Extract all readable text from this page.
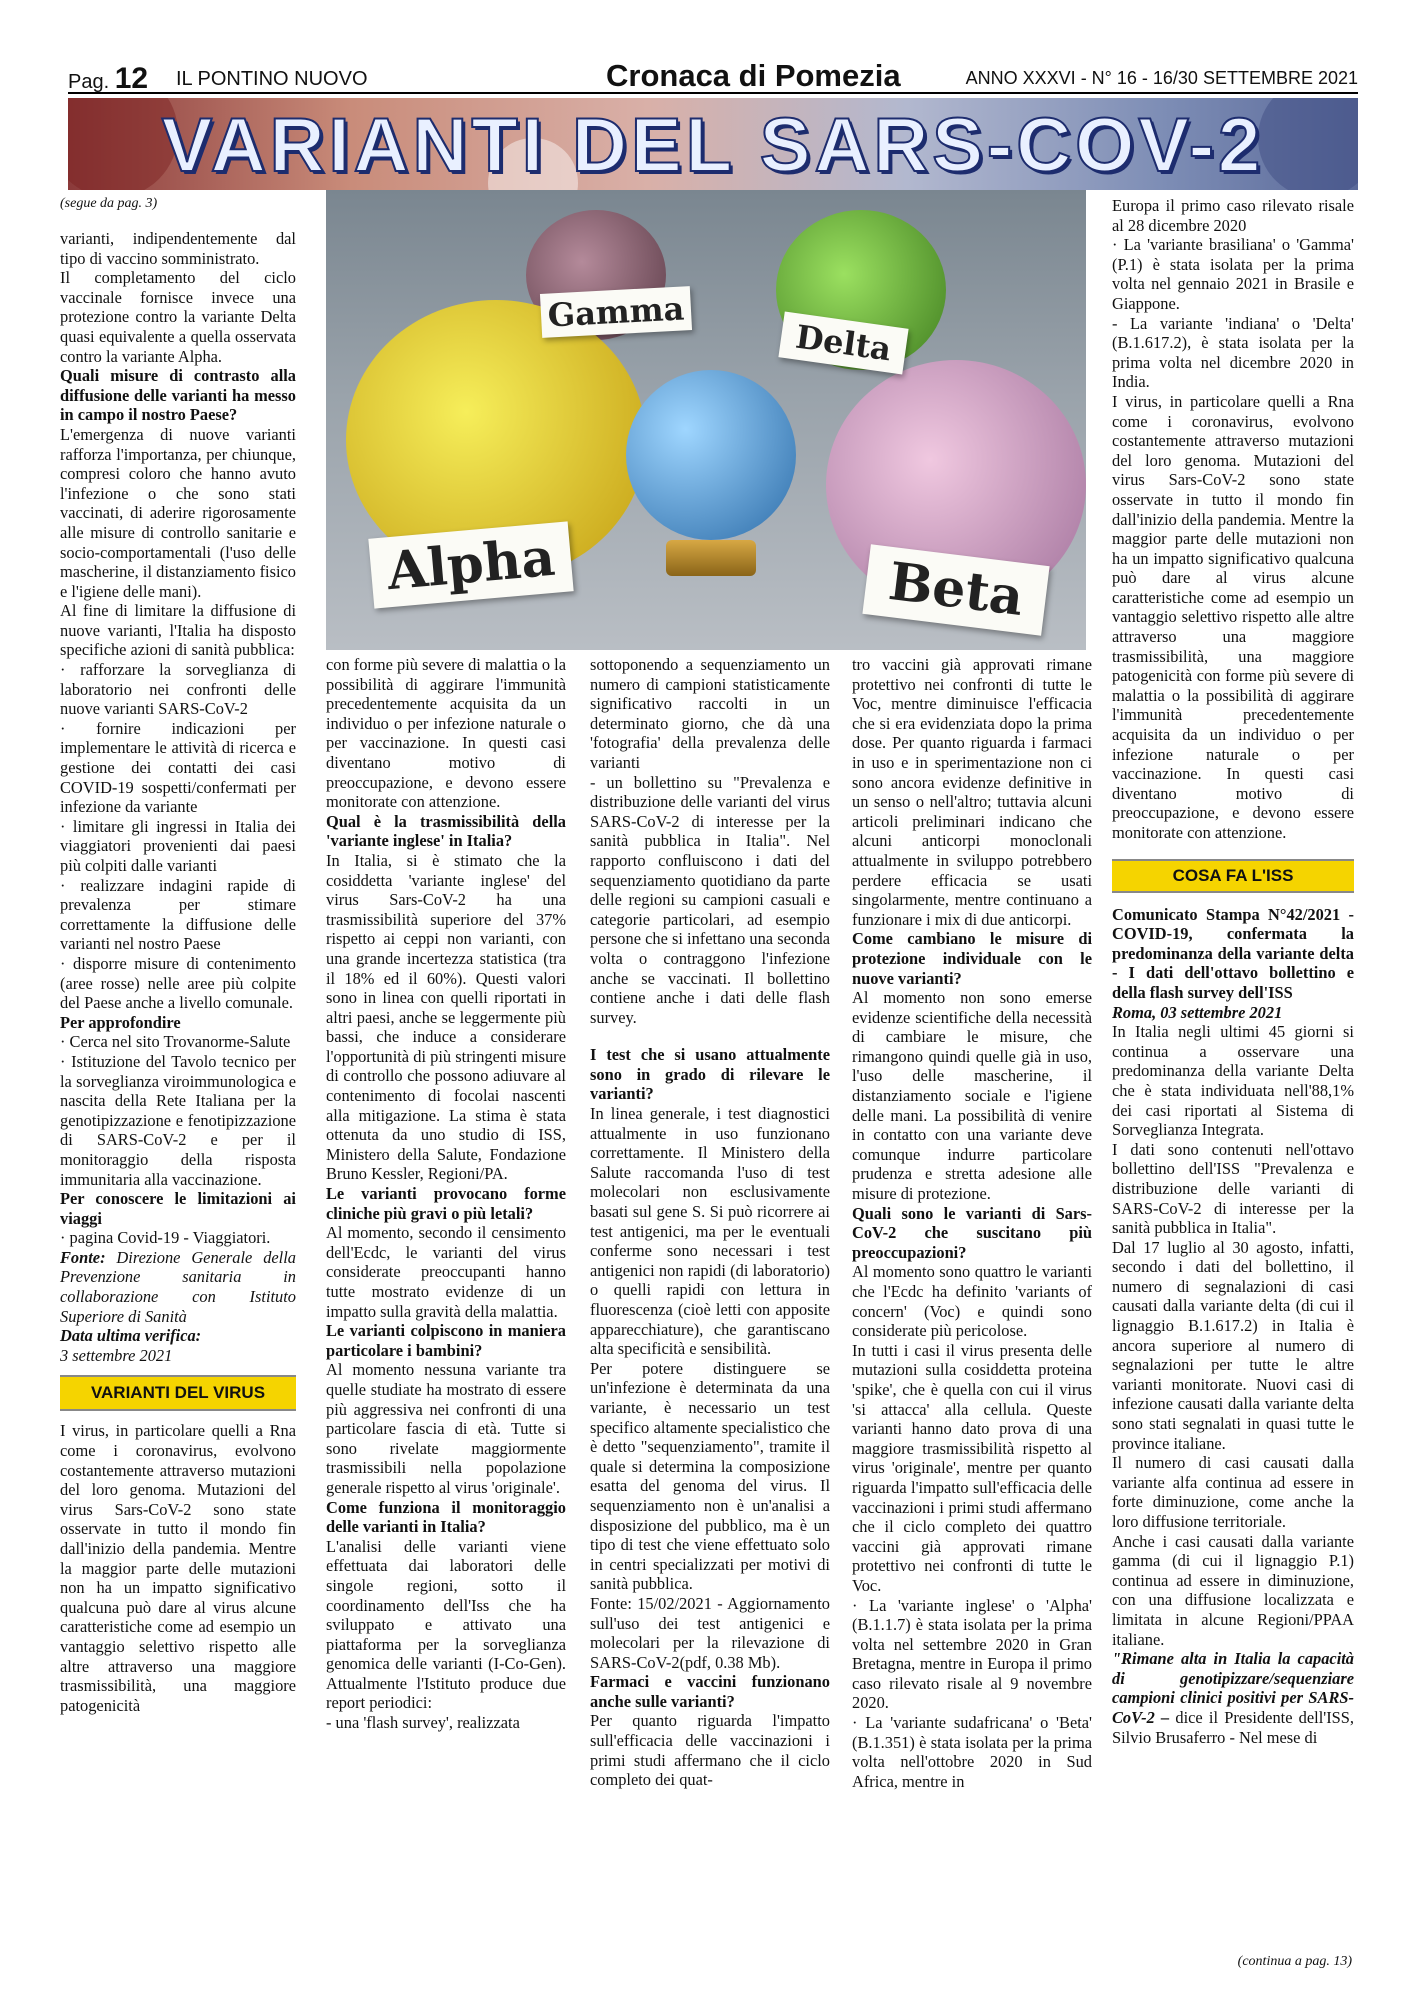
Pag. 12 IL PONTINO NUOVO	Cronaca di Pomezia	ANNO XXXVI - N° 16 - 16/30 SETTEMBRE 2021
VARIANTI DEL SARS-COV-2
(segue da pag. 3)
Gamma
Delta
Alpha	Beta

varianti, indipendentemente dal tipo di vaccino somministrato.

Il completamento del ciclo vaccinale fornisce invece una protezione contro la variante Delta quasi equivalente a quella osservata contro la variante Alpha.

Quali misure di contrasto alla diffusione delle varianti ha messo in campo il nostro Paese?

L'emergenza di nuove varianti rafforza l'importanza, per chiunque, compresi coloro che hanno avuto l'infezione o che sono stati vaccinati, di aderire rigorosamente alle misure di controllo sanitarie e socio-comportamentali (l'uso delle mascherine, il distanziamento fisico e l'igiene delle mani).

Al fine di limitare la diffusione di nuove varianti, l'Italia ha disposto specifiche azioni di sanità pubblica:

· rafforzare la sorveglianza di laboratorio nei confronti delle nuove varianti SARS-CoV-2

· fornire indicazioni per implementare le attività di ricerca e gestione dei contatti dei casi COVID-19 sospetti/confermati per infezione da variante

· limitare gli ingressi in Italia dei viaggiatori provenienti dai paesi più colpiti dalle varianti

· realizzare indagini rapide di prevalenza per stimare correttamente la diffusione delle varianti nel nostro Paese

· disporre misure di contenimento (aree rosse) nelle aree più colpite del Paese anche a livello comunale.

Per approfondire

· Cerca nel sito Trovanorme-Salute

· Istituzione del Tavolo tecnico per la sorveglianza viroimmunologica e nascita della Rete Italiana per la genotipizzazione e fenotipizzazione di SARS-CoV-2 e per il monitoraggio della risposta immunitaria alla vaccinazione.

Per conoscere le limitazioni ai viaggi

· pagina Covid-19 - Viaggiatori.

Fonte: Direzione Generale della Prevenzione sanitaria in collaborazione con Istituto Superiore di Sanità

Data ultima verifica:

3 settembre 2021

VARIANTI DEL VIRUS

I virus, in particolare quelli a Rna come i coronavirus, evolvono costantemente attraverso mutazioni del loro genoma. Mutazioni del virus Sars-CoV-2 sono state osservate in tutto il mondo fin dall'inizio della pandemia. Mentre la maggior parte delle mutazioni non ha un impatto significativo qualcuna può dare al virus alcune caratteristiche come ad esempio un vantaggio selettivo rispetto alle altre attraverso una maggiore trasmissibilità, una maggiore patogenicità

con forme più severe di malattia o la possibilità di aggirare l'immunità precedentemente acquisita da un individuo o per infezione naturale o per vaccinazione. In questi casi diventano motivo di preoccupazione, e devono essere monitorate con attenzione.

Qual è la trasmissibilità della 'variante inglese' in Italia?

In Italia, si è stimato che la cosiddetta 'variante inglese' del virus Sars-CoV-2 ha una trasmissibilità superiore del 37% rispetto ai ceppi non varianti, con una grande incertezza statistica (tra il 18% ed il 60%). Questi valori sono in linea con quelli riportati in altri paesi, anche se leggermente più bassi, che induce a considerare l'opportunità di più stringenti misure di controllo che possono adiuvare al contenimento di focolai nascenti alla mitigazione. La stima è stata ottenuta da uno studio di ISS, Ministero della Salute, Fondazione Bruno Kessler, Regioni/PA.

Le varianti provocano forme cliniche più gravi o più letali?

Al momento, secondo il censimento dell'Ecdc, le varianti del virus considerate preoccupanti hanno tutte mostrato evidenze di un impatto sulla gravità della malattia.

Le varianti colpiscono in maniera particolare i bambini?

Al momento nessuna variante tra quelle studiate ha mostrato di essere più aggressiva nei confronti di una particolare fascia di età. Tutte si sono rivelate maggiormente trasmissibili nella popolazione generale rispetto al virus 'originale'.

Come funziona il monitoraggio delle varianti in Italia?

L'analisi delle varianti viene effettuata dai laboratori delle singole regioni, sotto il coordinamento dell'Iss che ha sviluppato e attivato una piattaforma per la sorveglianza genomica delle varianti (I-Co-Gen). Attualmente l'Istituto produce due report periodici:

- una 'flash survey', realizzata

sottoponendo a sequenziamento un numero di campioni statisticamente significativo raccolti in un determinato giorno, che dà una 'fotografia' della prevalenza delle varianti

- un bollettino su "Prevalenza e distribuzione delle varianti del virus SARS-CoV-2 di interesse per la sanità pubblica in Italia". Nel rapporto confluiscono i dati del sequenziamento quotidiano da parte delle regioni su campioni casuali e categorie particolari, ad esempio persone che si infettano una seconda volta o contraggono l'infezione anche se vaccinati. Il bollettino contiene anche i dati delle flash survey.

I test che si usano attualmente sono in grado di rilevare le varianti?

In linea generale, i test diagnostici attualmente in uso funzionano correttamente. Il Ministero della Salute raccomanda l'uso di test molecolari non esclusivamente basati sul gene S. Si può ricorrere ai test antigenici, ma per le eventuali conferme sono necessari i test antigenici non rapidi (di laboratorio) o quelli rapidi con lettura in fluorescenza (cioè letti con apposite apparecchiature), che garantiscano alta specificità e sensibilità.

Per potere distinguere se un'infezione è determinata da una variante, è necessario un test specifico altamente specialistico che è detto "sequenziamento", tramite il quale si determina la composizione esatta del genoma del virus. Il sequenziamento non è un'analisi a disposizione del pubblico, ma è un tipo di test che viene effettuato solo in centri specializzati per motivi di sanità pubblica.

Fonte: 15/02/2021 - Aggiornamento sull'uso dei test antigenici e molecolari per la rilevazione di SARS-CoV-2(pdf, 0.38 Mb).

Farmaci e vaccini funzionano anche sulle varianti?

Per quanto riguarda l'impatto sull'efficacia delle vaccinazioni i primi studi affermano che il ciclo completo dei quat-

tro vaccini già approvati rimane protettivo nei confronti di tutte le Voc, mentre diminuisce l'efficacia che si era evidenziata dopo la prima dose. Per quanto riguarda i farmaci in uso e in sperimentazione non ci sono ancora evidenze definitive in un senso o nell'altro; tuttavia alcuni articoli preliminari indicano che alcuni anticorpi monoclonali attualmente in sviluppo potrebbero perdere efficacia se usati singolarmente, mentre continuano a funzionare i mix di due anticorpi.

Come cambiano le misure di protezione individuale con le nuove varianti?

Al momento non sono emerse evidenze scientifiche della necessità di cambiare le misure, che rimangono quindi quelle già in uso, l'uso delle mascherine, il distanziamento sociale e l'igiene delle mani. La possibilità di venire in contatto con una variante deve comunque indurre particolare prudenza e stretta adesione alle misure di protezione.

Quali sono le varianti di Sars-CoV-2 che suscitano più preoccupazioni?

Al momento sono quattro le varianti che l'Ecdc ha definito 'variants of concern' (Voc) e quindi sono considerate più pericolose.

In tutti i casi il virus presenta delle mutazioni sulla cosiddetta proteina 'spike', che è quella con cui il virus 'si attacca' alla cellula. Queste varianti hanno dato prova di una maggiore trasmissibilità rispetto al virus 'originale', mentre per quanto riguarda l'impatto sull'efficacia delle vaccinazioni i primi studi affermano che il ciclo completo dei quattro vaccini già approvati rimane protettivo nei confronti di tutte le Voc.

· La 'variante inglese' o 'Alpha' (B.1.1.7) è stata isolata per la prima volta nel settembre 2020 in Gran Bretagna, mentre in Europa il primo caso rilevato risale al 9 novembre 2020.

· La 'variante sudafricana' o 'Beta' (B.1.351) è stata isolata per la prima volta nell'ottobre 2020 in Sud Africa, mentre in

Europa il primo caso rilevato risale al 28 dicembre 2020

· La 'variante brasiliana' o 'Gamma' (P.1) è stata isolata per la prima volta nel gennaio 2021 in Brasile e Giappone.

- La variante 'indiana' o 'Delta' (B.1.617.2), è stata isolata per la prima volta nel dicembre 2020 in India.

I virus, in particolare quelli a Rna come i coronavirus, evolvono costantemente attraverso mutazioni del loro genoma. Mutazioni del virus Sars-CoV-2 sono state osservate in tutto il mondo fin dall'inizio della pandemia. Mentre la maggior parte delle mutazioni non ha un impatto significativo qualcuna può dare al virus alcune caratteristiche come ad esempio un vantaggio selettivo rispetto alle altre attraverso una maggiore trasmissibilità, una maggiore patogenicità con forme più severe di malattia o la possibilità di aggirare l'immunità precedentemente acquisita da un individuo o per infezione naturale o per vaccinazione. In questi casi diventano motivo di preoccupazione, e devono essere monitorate con attenzione.

COSA FA L'ISS

Comunicato Stampa N°42/2021 - COVID-19, confermata la predominanza della variante delta - I dati dell'ottavo bollettino e della flash survey dell'ISS

Roma, 03 settembre 2021

In Italia negli ultimi 45 giorni si continua a osservare una predominanza della variante Delta che è stata individuata nell'88,1% dei casi riportati al Sistema di Sorveglianza Integrata.

I dati sono contenuti nell'ottavo bollettino dell'ISS "Prevalenza e distribuzione delle varianti di SARS-CoV-2 di interesse per la sanità pubblica in Italia".

Dal 17 luglio al 30 agosto, infatti, secondo i dati del bollettino, il numero di segnalazioni di casi causati dalla variante delta (di cui il lignaggio B.1.617.2) in Italia è ancora superiore al numero di segnalazioni per tutte le altre varianti monitorate. Nuovi casi di infezione causati dalla variante delta sono stati segnalati in quasi tutte le province italiane.

Il numero di casi causati dalla variante alfa continua ad essere in forte diminuzione, come anche la loro diffusione territoriale.

Anche i casi causati dalla variante gamma (di cui il lignaggio P.1) continua ad essere in diminuzione, con una diffusione localizzata e limitata in alcune Regioni/PPAA italiane.

"Rimane alta in Italia la capacità di genotipizzare/sequenziare campioni clinici positivi per SARS-CoV-2 – dice il Presidente dell'ISS, Silvio Brusaferro - Nel mese di

(continua a pag. 13)
